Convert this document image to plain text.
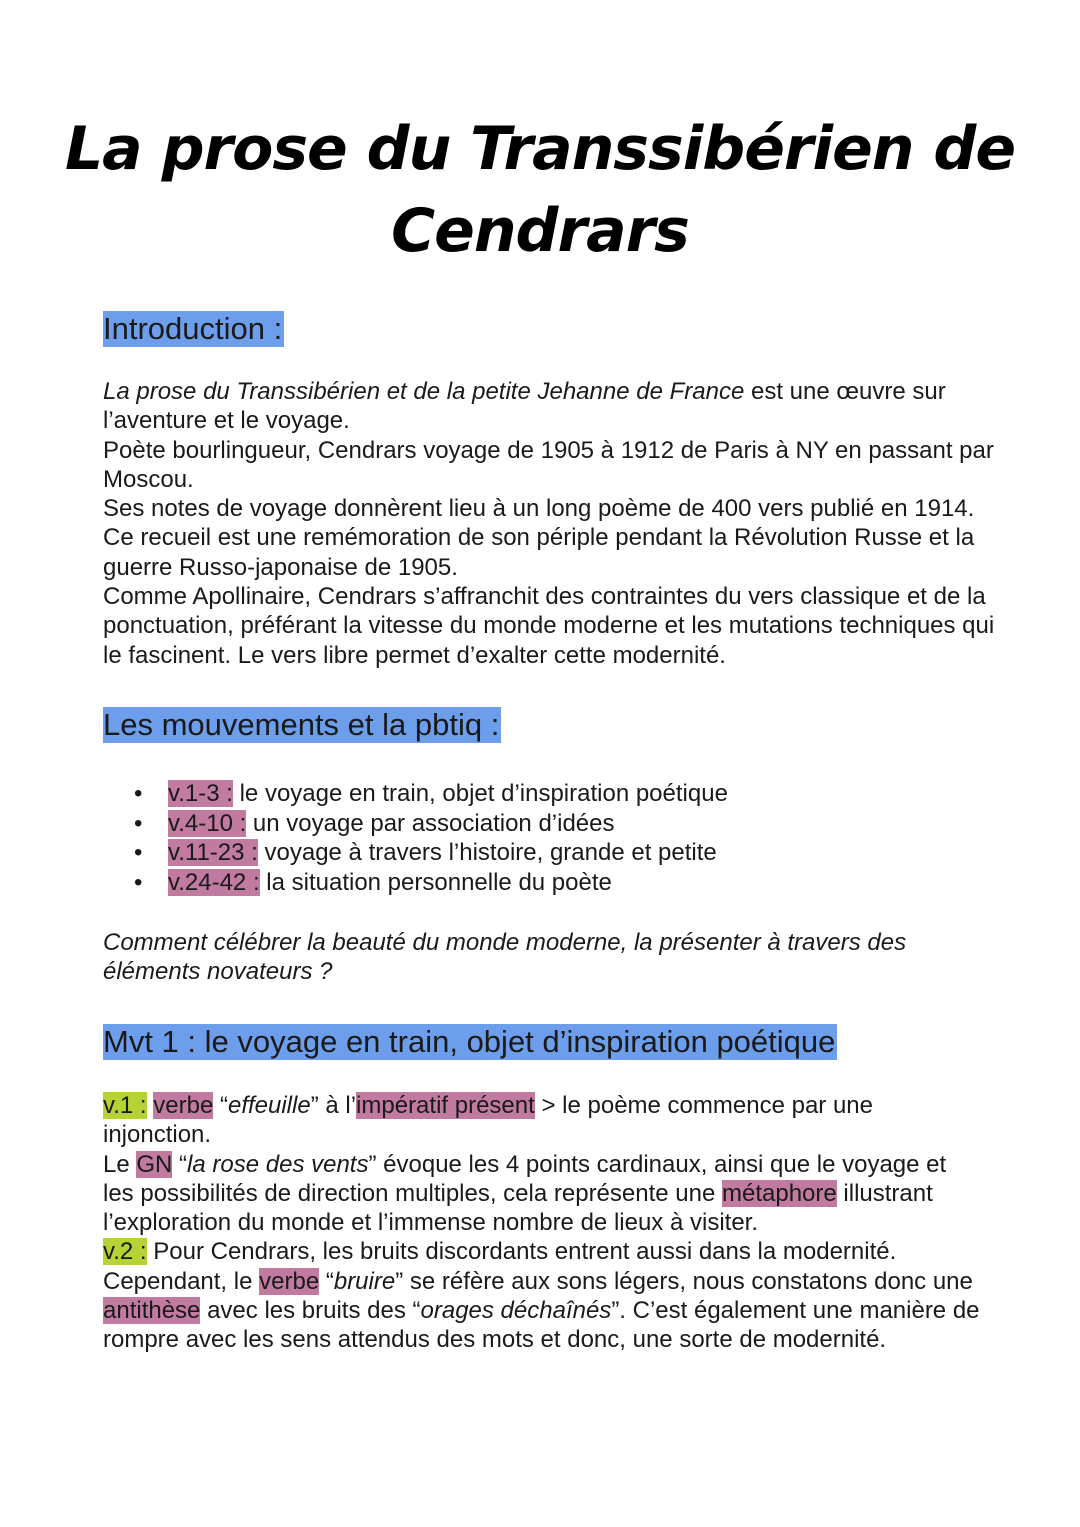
La prose du Transsibérien de
Cendrars
Introduction :
La prose du Transsibérien et de la petite Jehanne de France est une œuvre sur l’aventure et le voyage.
Poète bourlingueur, Cendrars voyage de 1905 à 1912 de Paris à NY en passant par Moscou.
Ses notes de voyage donnèrent lieu à un long poème de 400 vers publié en 1914. Ce recueil est une remémoration de son périple pendant la Révolution Russe et la guerre Russo-japonaise de 1905.
Comme Apollinaire, Cendrars s’affranchit des contraintes du vers classique et de la ponctuation, préférant la vitesse du monde moderne et les mutations techniques qui le fascinent. Le vers libre permet d’exalter cette modernité.
Les mouvements et la pbtiq :
• v.1-3 : le voyage en train, objet d’inspiration poétique
• v.4-10 : un voyage par association d’idées
• v.11-23 : voyage à travers l’histoire, grande et petite
• v.24-42 : la situation personnelle du poète
Comment célébrer la beauté du monde moderne, la présenter à travers des éléments novateurs ?
Mvt 1 : le voyage en train, objet d’inspiration poétique
v.1 : verbe “effeuille” à l’impératif présent > le poème commence par une injonction.
Le GN “la rose des vents” évoque les 4 points cardinaux, ainsi que le voyage et les possibilités de direction multiples, cela représente une métaphore illustrant l’exploration du monde et l’immense nombre de lieux à visiter.
v.2 : Pour Cendrars, les bruits discordants entrent aussi dans la modernité. Cependant, le verbe “bruire” se réfère aux sons légers, nous constatons donc une antithèse avec les bruits des “orages déchaînés”. C’est également une manière de rompre avec les sens attendus des mots et donc, une sorte de modernité.
